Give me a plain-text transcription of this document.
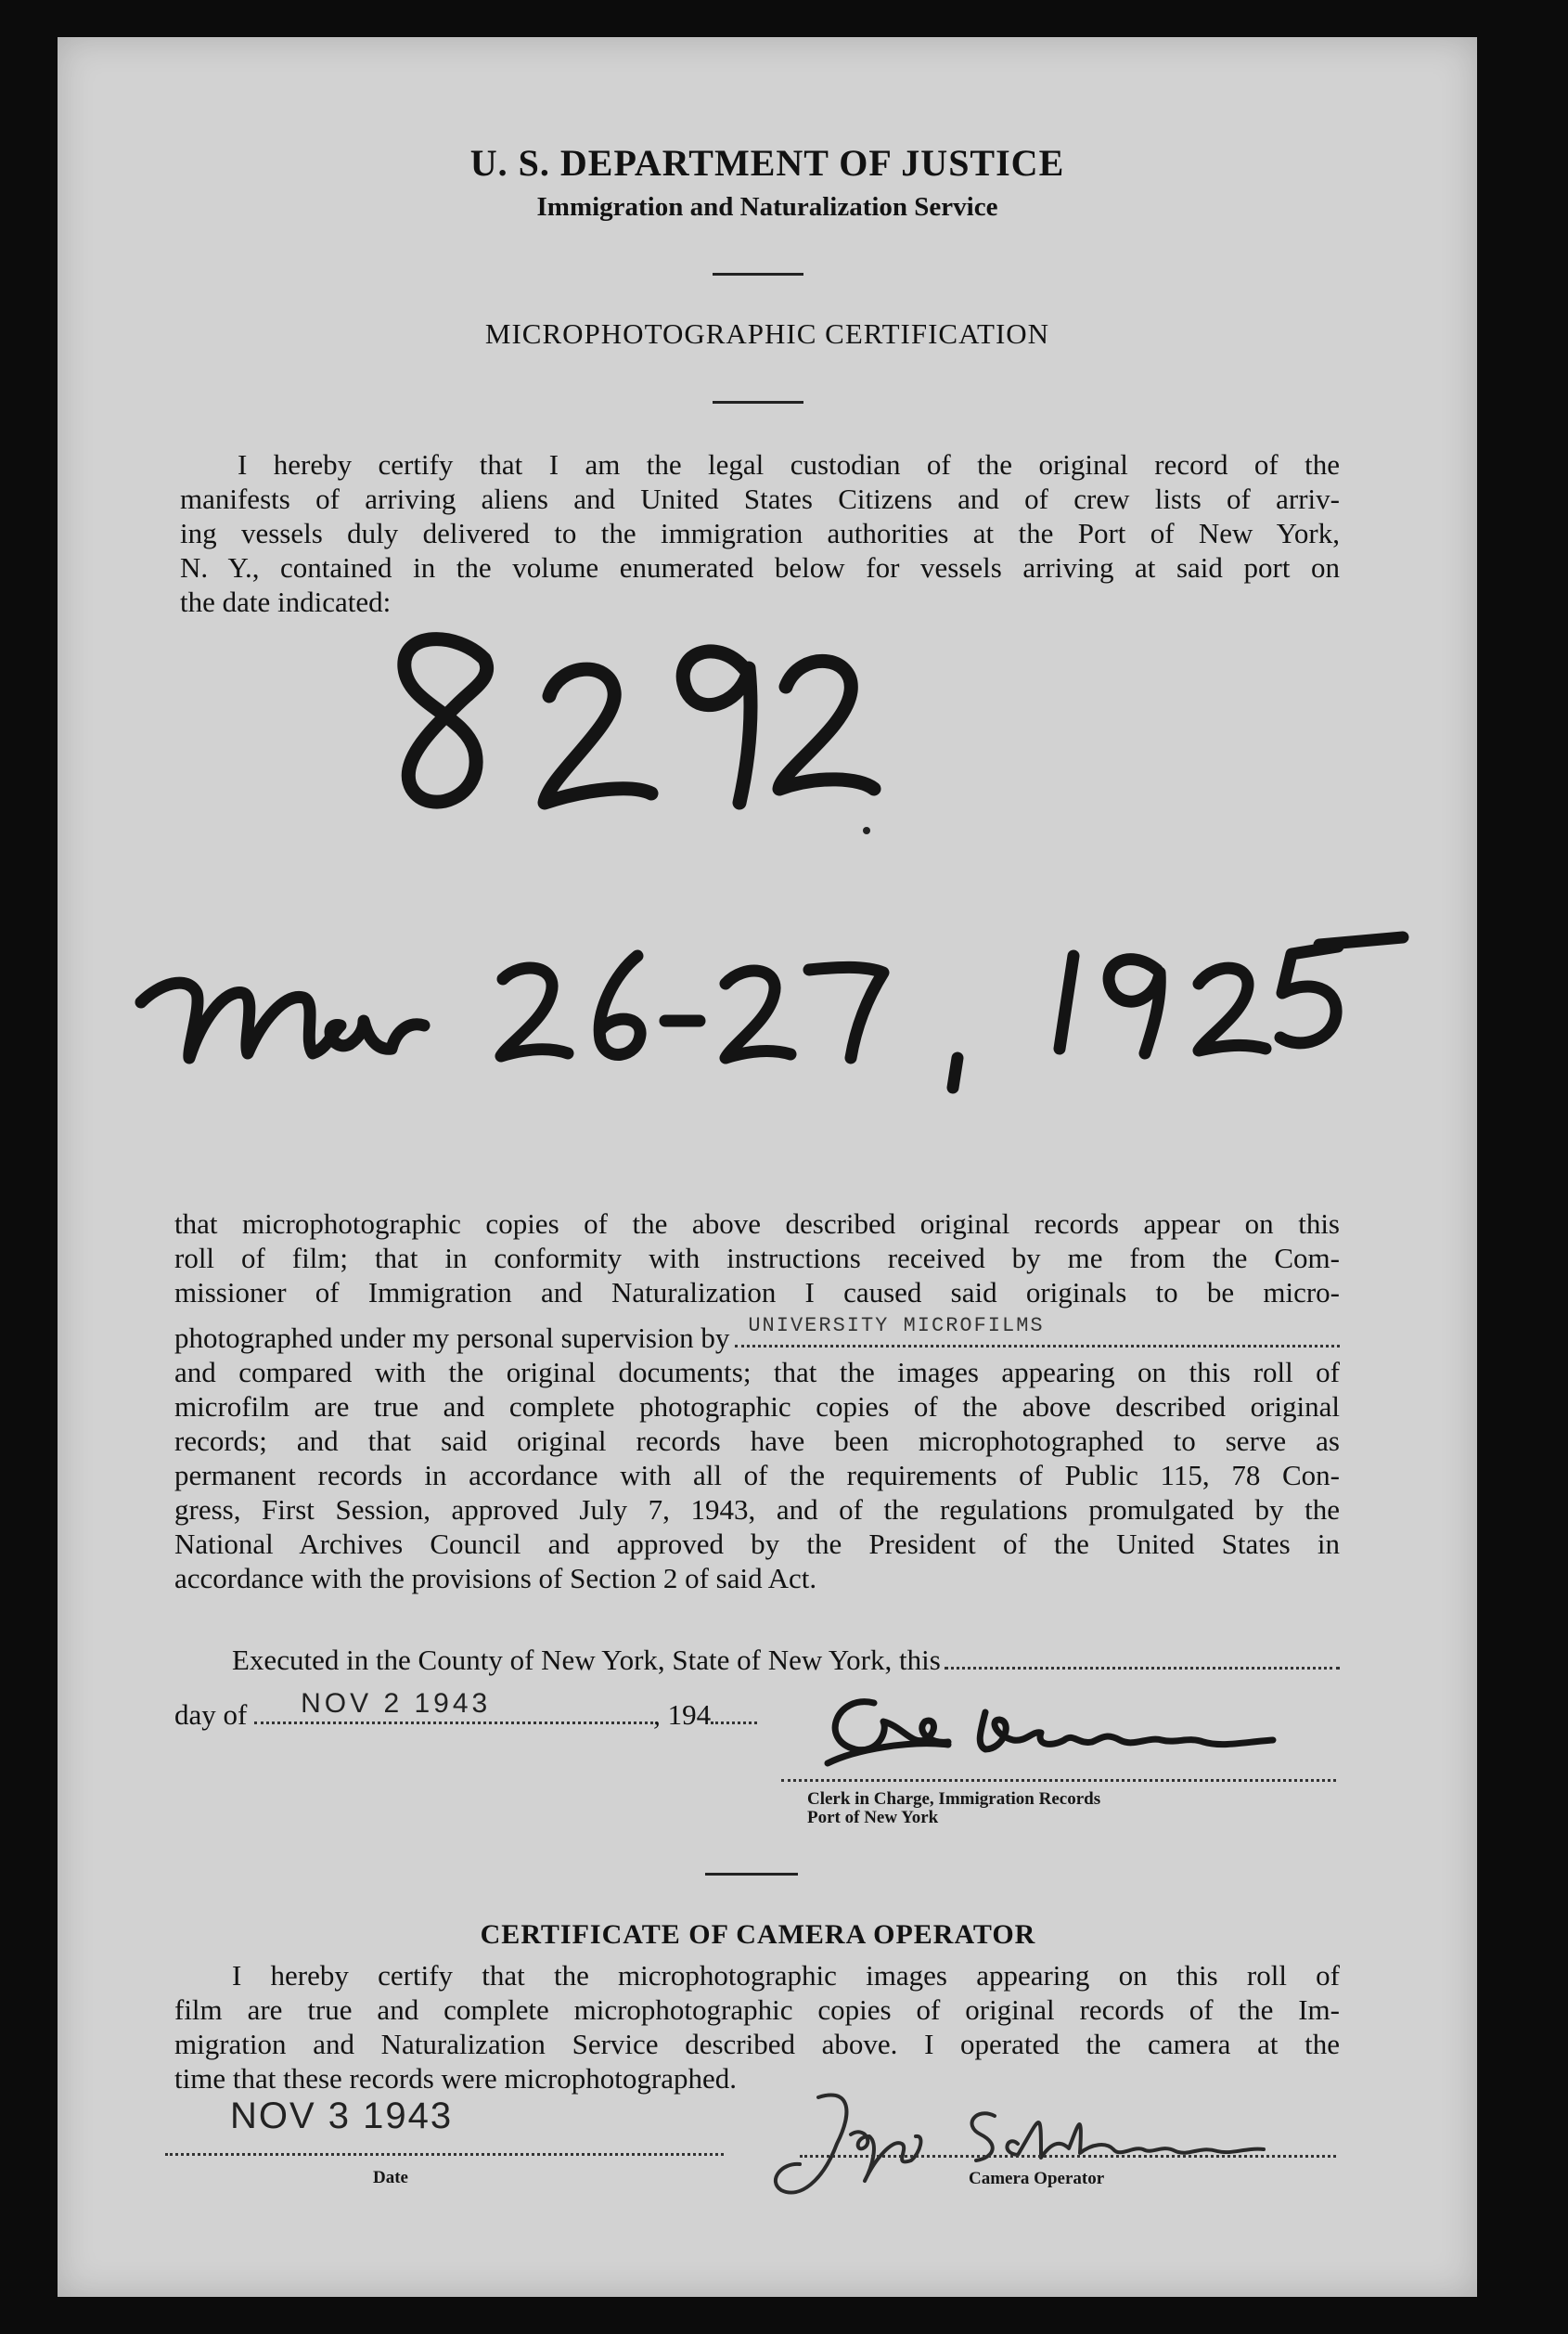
U. S. DEPARTMENT OF JUSTICE
Immigration and Naturalization Service
MICROPHOTOGRAPHIC CERTIFICATION
I hereby certify that I am the legal custodian of the original record of the
manifests of arriving aliens and United States Citizens and of crew lists of arriv-
ing vessels duly delivered to the immigration authorities at the Port of New York,
N. Y., contained in the volume enumerated below for vessels arriving at said port on
the date indicated:
that microphotographic copies of the above described original records appear on this
roll of film; that in conformity with instructions received by me from the Com-
missioner of Immigration and Naturalization I caused said originals to be micro-
photographed under my personal supervision by UNIVERSITY MICROFILMS
and compared with the original documents; that the images appearing on this roll of
microfilm are true and complete photographic copies of the above described original
records; and that said original records have been microphotographed to serve as
permanent records in accordance with all of the requirements of Public 115, 78 Con-
gress, First Session, approved July 7, 1943, and of the regulations promulgated by the
National Archives Council and approved by the President of the United States in
accordance with the provisions of Section 2 of said Act.
Executed in the County of New York, State of New York, this
day of NOV 2 1943	, 194
Clerk in Charge, Immigration Records
Port of New York
CERTIFICATE OF CAMERA OPERATOR
I hereby certify that the microphotographic images appearing on this roll of
film are true and complete microphotographic copies of original records of the Im-
migration and Naturalization Service described above. I operated the camera at the
time that these records were microphotographed.
NOV 3 1943
Date	Camera Operator
